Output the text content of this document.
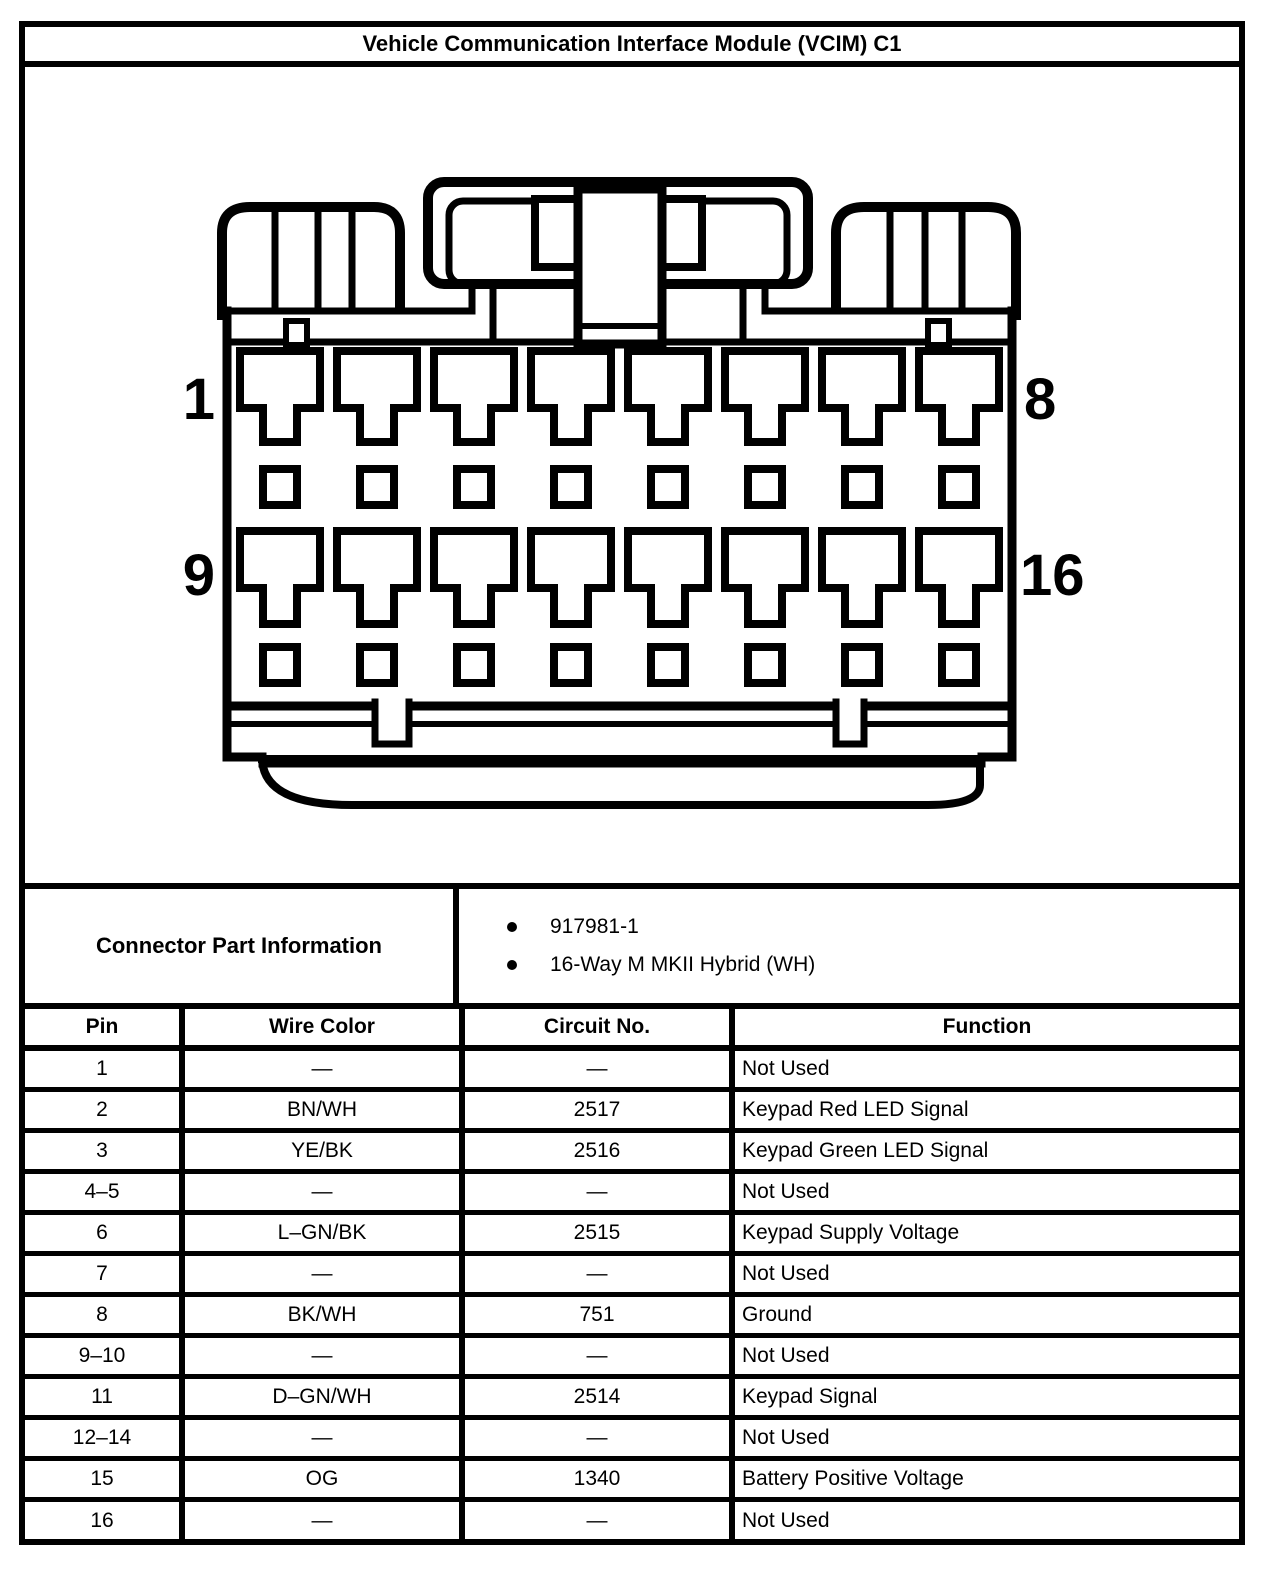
Vehicle Communication Interface Module (VCIM) C1
1	8
9	16
Connector Part Information
917981-1
16-Way M MKII Hybrid (WH)
Pin	Wire Color	Circuit No.	Function
1	—	—	Not Used
2	BN/WH	2517	Keypad Red LED Signal
3	YE/BK	2516	Keypad Green LED Signal
4–5	—	—	Not Used
6	L–GN/BK	2515	Keypad Supply Voltage
7	—	—	Not Used
8	BK/WH	751	Ground
9–10	—	—	Not Used
11	D–GN/WH	2514	Keypad Signal
12–14	—	—	Not Used
15	OG	1340	Battery Positive Voltage
16	—	—	Not Used
